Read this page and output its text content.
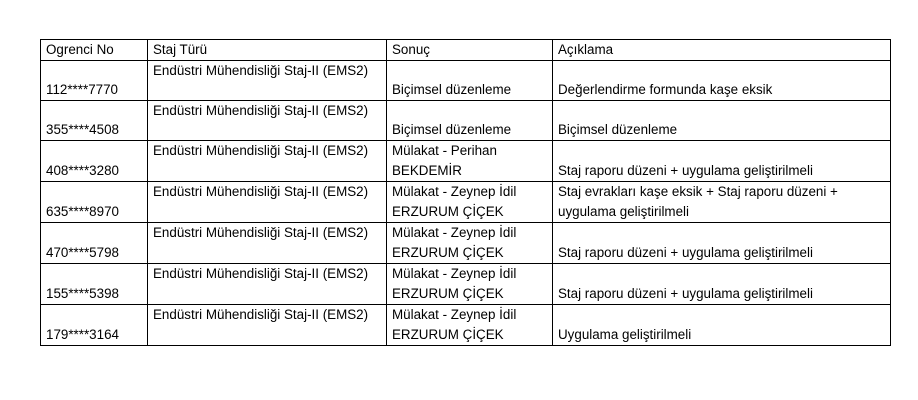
Ogrenci No	Staj Türü	Sonuç	Açıklama

112****7770	Endüstri Mühendisliği Staj-II (EMS2)	Biçimsel düzenleme	Değerlendirme formunda kaşe eksik

355****4508	Endüstri Mühendisliği Staj-II (EMS2)	Biçimsel düzenleme	Biçimsel düzenleme

408****3280	Endüstri Mühendisliği Staj-II (EMS2)	Mülakat - Perihan BEKDEMİR	Staj raporu düzeni + uygulama geliştirilmeli

635****8970	Endüstri Mühendisliği Staj-II (EMS2)	Mülakat - Zeynep İdil ERZURUM ÇİÇEK	Staj evrakları kaşe eksik + Staj raporu düzeni + uygulama geliştirilmeli

470****5798	Endüstri Mühendisliği Staj-II (EMS2)	Mülakat - Zeynep İdil ERZURUM ÇİÇEK	Staj raporu düzeni + uygulama geliştirilmeli

155****5398	Endüstri Mühendisliği Staj-II (EMS2)	Mülakat - Zeynep İdil ERZURUM ÇİÇEK	Staj raporu düzeni + uygulama geliştirilmeli

179****3164	Endüstri Mühendisliği Staj-II (EMS2)	Mülakat - Zeynep İdil ERZURUM ÇİÇEK	Uygulama geliştirilmeli
